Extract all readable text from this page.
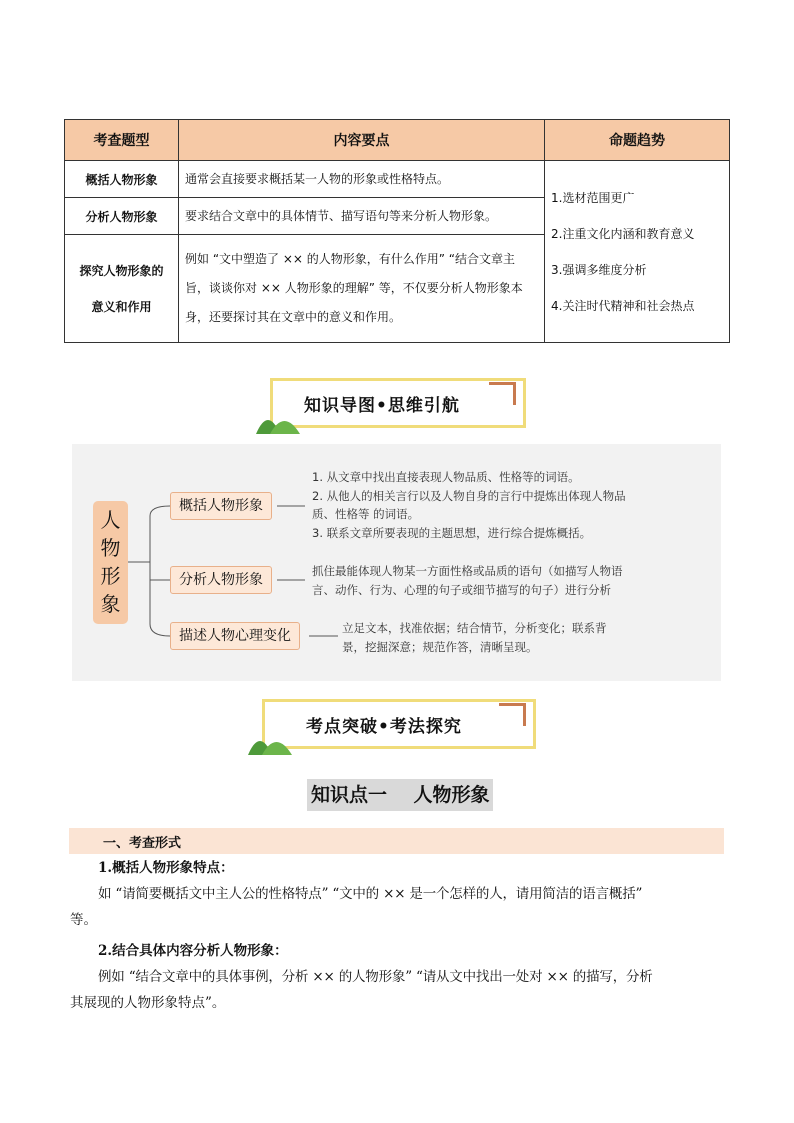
考查题型	内容要点	命题趋势
概括人物形象	通常会直接要求概括某一人物的形象或性格特点。	1.选材范围更广
2.注重文化内涵和教育意义
3.强调多维度分析
4.关注时代精神和社会热点

分析人物形象	要求结合文章中的具体情节、描写语句等来分析人物形象。	

探究人物形象的
意义和作用	例如 “文中塑造了 ×× 的人物形象，有什么作用” “结合文章主旨，谈谈你对 ×× 人物形象的理解” 等，不仅要分析人物形象本身，还要探讨其在文章中的意义和作用。	
知识导图•思维引航
人物形象
概括人物形象
1. 从文章中找出直接表现人物品质、性格等的词语。
2. 从他人的相关言行以及人物自身的言行中提炼出体现人物品
质、性格等 的词语。
3. 联系文章所要表现的主题思想，进行综合提炼概括。
分析人物形象
抓住最能体现人物某一方面性格或品质的语句（如描写人物语
言、动作、行为、心理的句子或细节描写的句子）进行分析
描述人物心理变化	立足文本，找准依据；结合情节，分析变化；联系背
景，挖掘深意；规范作答，清晰呈现。
考点突破•考法探究
知识点一    人物形象
一、考查形式
1.概括人物形象特点：
如 “请简要概括文中主人公的性格特点” “文中的 ×× 是一个怎样的人，请用简洁的语言概括”
等。
2.结合具体内容分析人物形象：
例如 “结合文章中的具体事例，分析 ×× 的人物形象” “请从文中找出一处对 ×× 的描写，分析
其展现的人物形象特点”。
